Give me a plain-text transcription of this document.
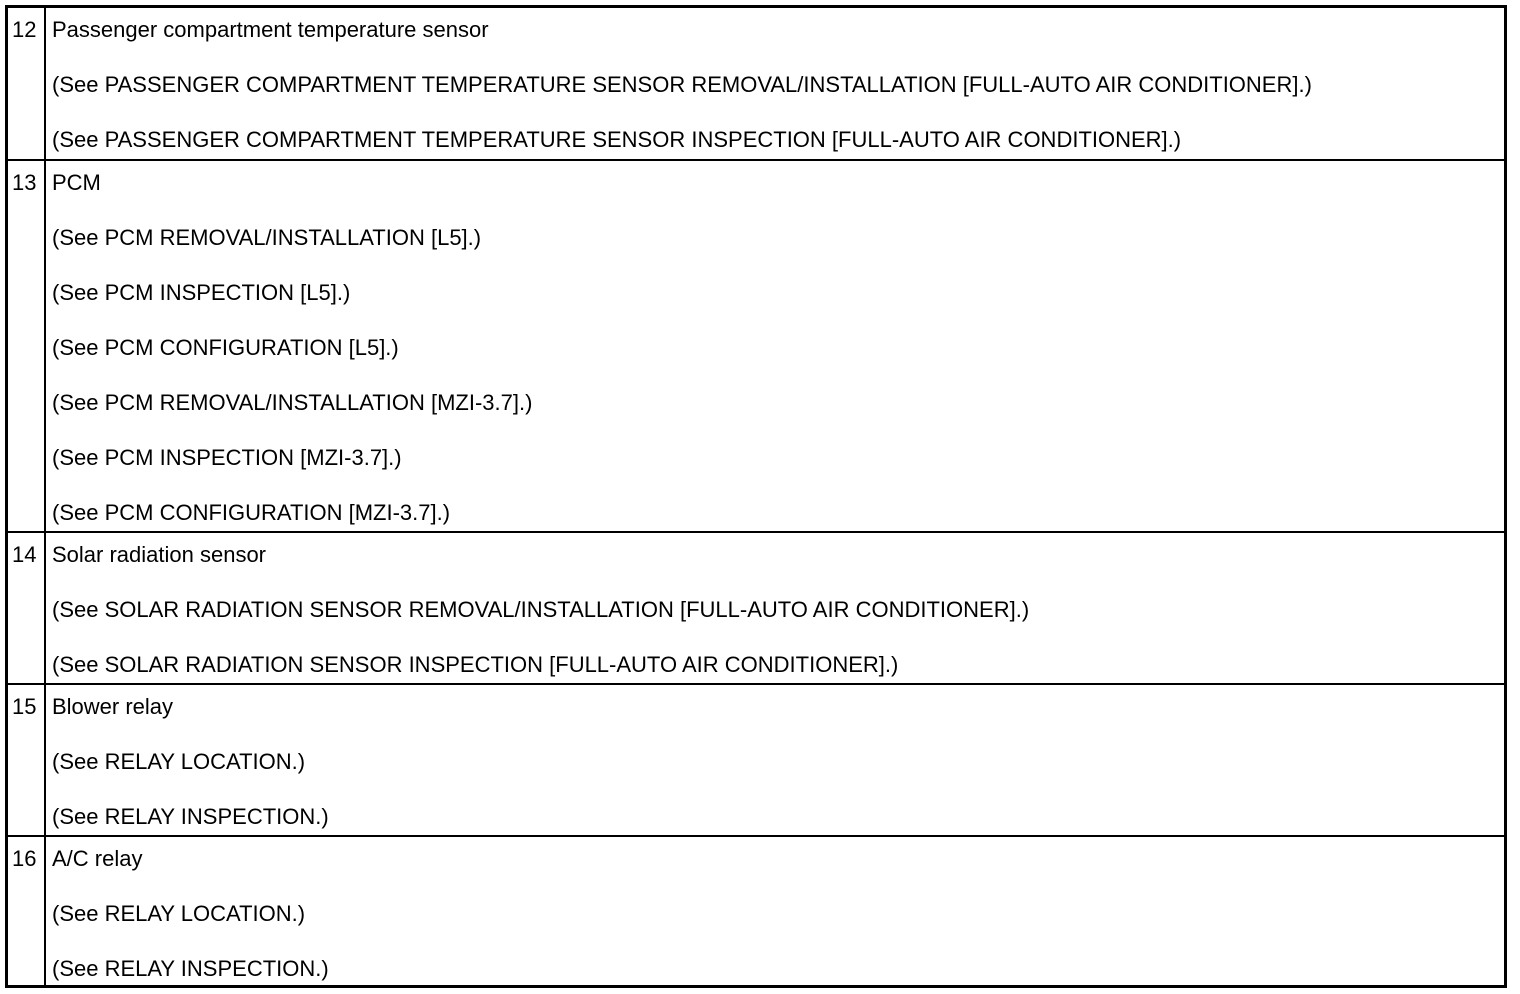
12 Passenger compartment temperature sensor
(See PASSENGER COMPARTMENT TEMPERATURE SENSOR REMOVAL/INSTALLATION [FULL-AUTO AIR CONDITIONER].)
(See PASSENGER COMPARTMENT TEMPERATURE SENSOR INSPECTION [FULL-AUTO AIR CONDITIONER].)
13 PCM
(See PCM REMOVAL/INSTALLATION [L5].)
(See PCM INSPECTION [L5].)
(See PCM CONFIGURATION [L5].)
(See PCM REMOVAL/INSTALLATION [MZI-3.7].)
(See PCM INSPECTION [MZI-3.7].)
(See PCM CONFIGURATION [MZI-3.7].)
14 Solar radiation sensor
(See SOLAR RADIATION SENSOR REMOVAL/INSTALLATION [FULL-AUTO AIR CONDITIONER].)
(See SOLAR RADIATION SENSOR INSPECTION [FULL-AUTO AIR CONDITIONER].)
15 Blower relay
(See RELAY LOCATION.)
(See RELAY INSPECTION.)
16 A/C relay
(See RELAY LOCATION.)
(See RELAY INSPECTION.)
